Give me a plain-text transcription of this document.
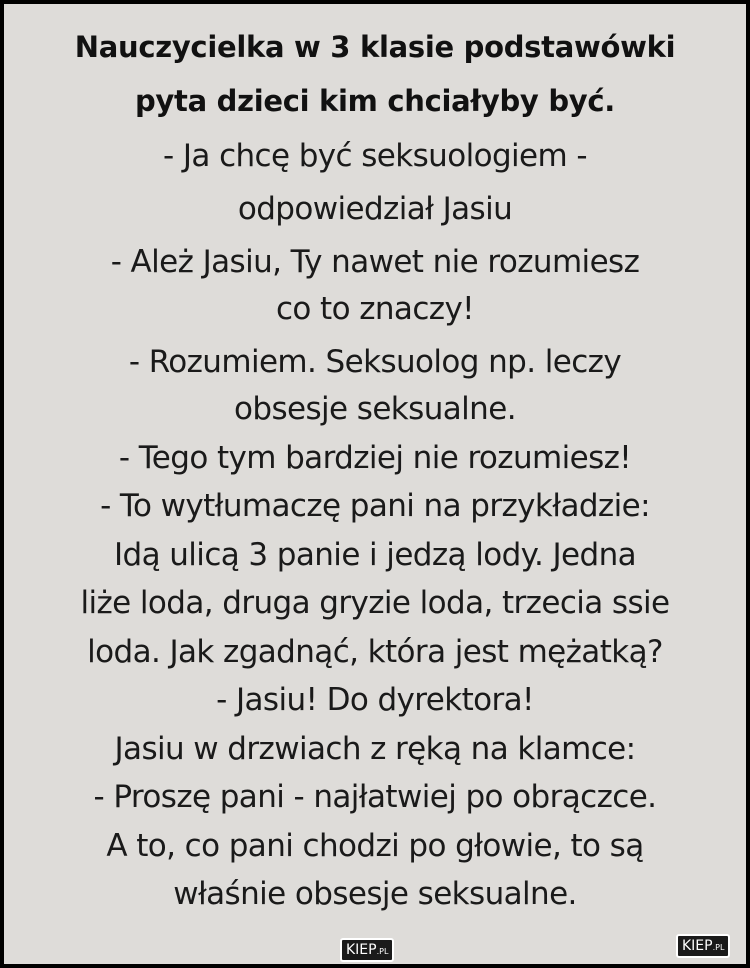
Nauczycielka w 3 klasie podstawówki
pyta dzieci kim chciałyby być.
- Ja chcę być seksuologiem -
odpowiedział Jasiu
- Ależ Jasiu, Ty nawet nie rozumiesz
co to znaczy!
- Rozumiem. Seksuolog np. leczy
obsesje seksualne.
- Tego tym bardziej nie rozumiesz!
- To wytłumaczę pani na przykładzie:
Idą ulicą 3 panie i jedzą lody. Jedna
liże loda, druga gryzie loda, trzecia ssie
loda. Jak zgadnąć, która jest mężatką?
- Jasiu! Do dyrektora!
Jasiu w drzwiach z ręką na klamce:
- Proszę pani - najłatwiej po obrączce.
A to, co pani chodzi po głowie, to są
właśnie obsesje seksualne.
KIEP.PL	KIEP.PL
